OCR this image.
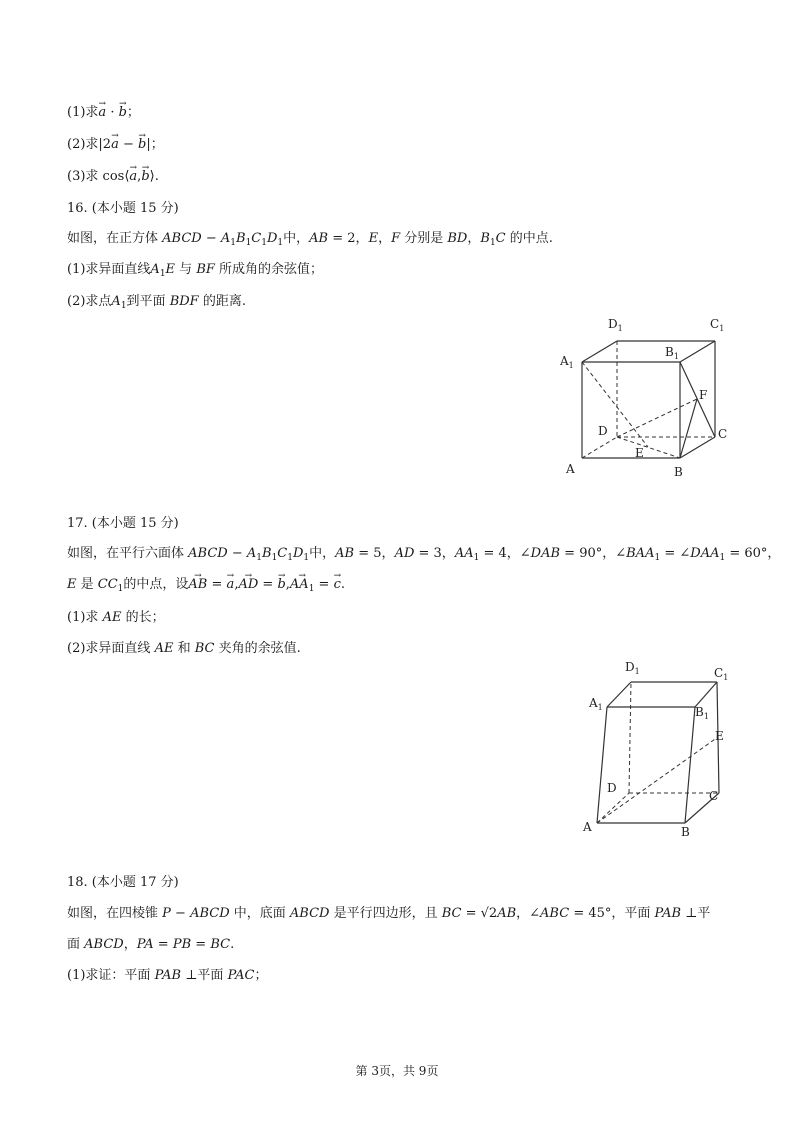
(1)求→ a · → b；
(2)求|2→ a − → b|；
(3)求 cos⟨→ a,→ b⟩.
16. (本小题 15 分)
如图，在正方体 ABCD − $A_1B_1C_1D_1$中，AB = 2，E，F 分别是 BD，$B_1C$ 的中点.
(1)求异面直线$A_1E$ 与 BF 所成角的余弦值；
(2)求点$A_1$到平面 BDF 的距离.
$D_1$	$C_1$
$A_1$
$B_1$
F
D	C
E
A	B
17. (本小题 15 分)
如图，在平行六面体 ABCD − $A_1B_1C_1D_1$中，AB = 5，AD = 3，$AA_1 = 4$，∠DAB = 90°，$\angle BAA_1$ = $\angle DAA_1 = 60^\circ$，
E 是 $CC_1$的中点，设→ AB = → a,→ AD = → $b,\to AA_1$ = → c.
(1)求 AE 的长；
(2)求异面直线 AE 和 BC 夹角的余弦值.
$D_1$	$C_1$
$A_1$	$B_1$
E
D
C
A	B
18. (本小题 17 分)
如图，在四棱锥 P − ABCD 中，底面 ABCD 是平行四边形，且 BC = √2AB，∠ABC = 45°，平面 PAB ⊥平
面 ABCD，PA = PB = BC.
(1)求证：平面 PAB ⊥平面 PAC；
第 3页，共 9页
